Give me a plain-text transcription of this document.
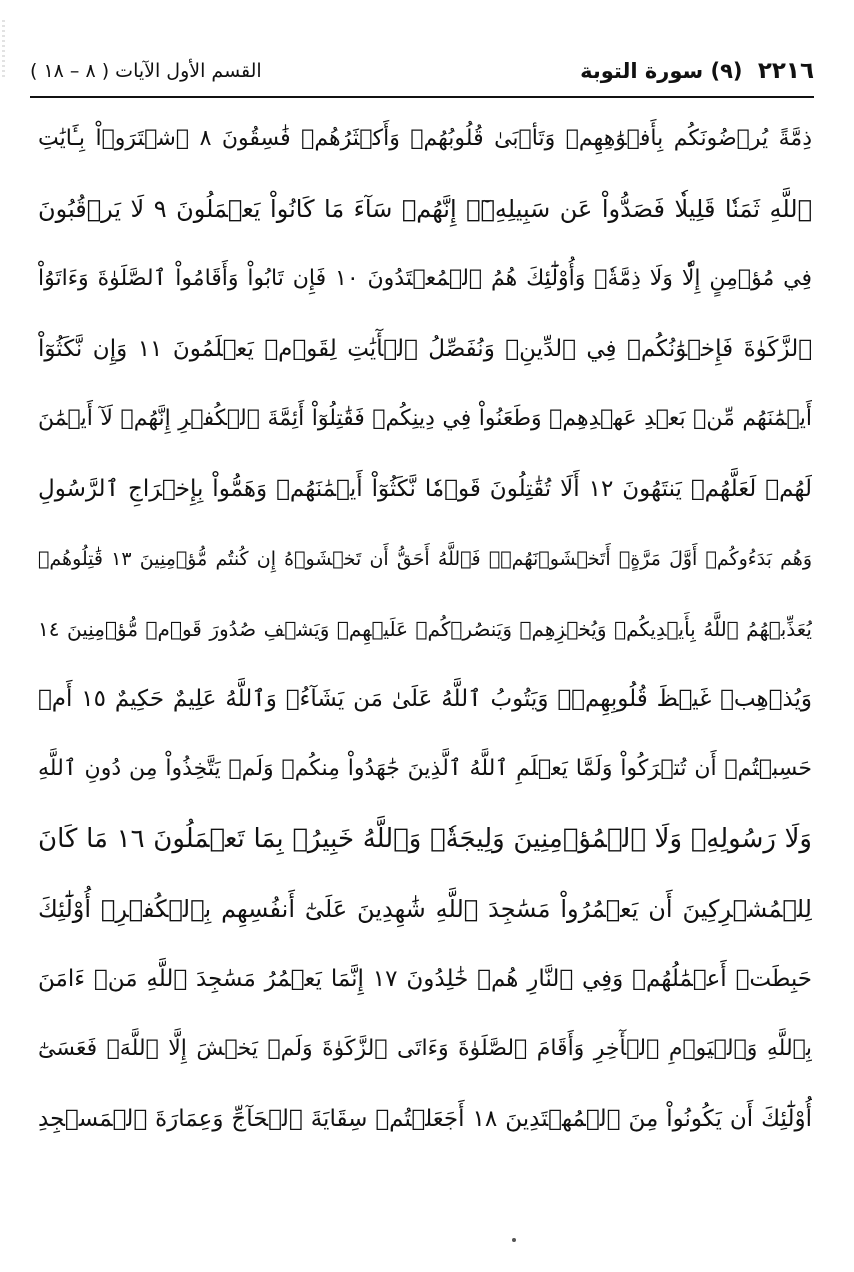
٢٢١٦ (٩) سورة التوبة
القسم الأول الآيات ( ٨ – ١٨ )
ذِمَّةً يُرۡضُونَكُم بِأَفۡوَٰهِهِمۡ وَتَأۡبَىٰ قُلُوبُهُمۡ وَأَكۡثَرُهُمۡ فَٰسِقُونَ ٨ ٱشۡتَرَوۡاْ بِـَٔايَٰتِ
ٱللَّهِ ثَمَنٗا قَلِيلٗا فَصَدُّواْ عَن سَبِيلِهِۦٓۚ إِنَّهُمۡ سَآءَ مَا كَانُواْ يَعۡمَلُونَ ٩ لَا يَرۡقُبُونَ
فِي مُؤۡمِنٍ إِلّٗا وَلَا ذِمَّةٗۚ وَأُوْلَٰٓئِكَ هُمُ ٱلۡمُعۡتَدُونَ ١٠ فَإِن تَابُواْ وَأَقَامُواْ ٱلصَّلَوٰةَ وَءَاتَوُاْ
ٱلزَّكَوٰةَ فَإِخۡوَٰنُكُمۡ فِي ٱلدِّينِۗ وَنُفَصِّلُ ٱلۡأٓيَٰتِ لِقَوۡمٖ يَعۡلَمُونَ ١١ وَإِن نَّكَثُوٓاْ
أَيۡمَٰنَهُم مِّنۢ بَعۡدِ عَهۡدِهِمۡ وَطَعَنُواْ فِي دِينِكُمۡ فَقَٰتِلُوٓاْ أَئِمَّةَ ٱلۡكُفۡرِ إِنَّهُمۡ لَآ أَيۡمَٰنَ
لَهُمۡ لَعَلَّهُمۡ يَنتَهُونَ ١٢ أَلَا تُقَٰتِلُونَ قَوۡمٗا نَّكَثُوٓاْ أَيۡمَٰنَهُمۡ وَهَمُّواْ بِإِخۡرَاجِ ٱلرَّسُولِ
وَهُم بَدَءُوكُمۡ أَوَّلَ مَرَّةٍۚ أَتَخۡشَوۡنَهُمۡۚ فَٱللَّهُ أَحَقُّ أَن تَخۡشَوۡهُ إِن كُنتُم مُّؤۡمِنِينَ ١٣ قَٰتِلُوهُمۡ
يُعَذِّبۡهُمُ ٱللَّهُ بِأَيۡدِيكُمۡ وَيُخۡزِهِمۡ وَيَنصُرۡكُمۡ عَلَيۡهِمۡ وَيَشۡفِ صُدُورَ قَوۡمٖ مُّؤۡمِنِينَ ١٤
وَيُذۡهِبۡ غَيۡظَ قُلُوبِهِمۡۗ وَيَتُوبُ ٱللَّهُ عَلَىٰ مَن يَشَآءُۗ وَٱللَّهُ عَلِيمٌ حَكِيمٌ ١٥ أَمۡ
حَسِبۡتُمۡ أَن تُتۡرَكُواْ وَلَمَّا يَعۡلَمِ ٱللَّهُ ٱلَّذِينَ جَٰهَدُواْ مِنكُمۡ وَلَمۡ يَتَّخِذُواْ مِن دُونِ ٱللَّهِ
وَلَا رَسُولِهِۦ وَلَا ٱلۡمُؤۡمِنِينَ وَلِيجَةٗۚ وَٱللَّهُ خَبِيرُۢ بِمَا تَعۡمَلُونَ ١٦ مَا كَانَ
لِلۡمُشۡرِكِينَ أَن يَعۡمُرُواْ مَسَٰجِدَ ٱللَّهِ شَٰهِدِينَ عَلَىٰٓ أَنفُسِهِم بِٱلۡكُفۡرِۚ أُوْلَٰٓئِكَ
حَبِطَتۡ أَعۡمَٰلُهُمۡ وَفِي ٱلنَّارِ هُمۡ خَٰلِدُونَ ١٧ إِنَّمَا يَعۡمُرُ مَسَٰجِدَ ٱللَّهِ مَنۡ ءَامَنَ
بِٱللَّهِ وَٱلۡيَوۡمِ ٱلۡأٓخِرِ وَأَقَامَ ٱلصَّلَوٰةَ وَءَاتَى ٱلزَّكَوٰةَ وَلَمۡ يَخۡشَ إِلَّا ٱللَّهَۖ فَعَسَىٰٓ
أُوْلَٰٓئِكَ أَن يَكُونُواْ مِنَ ٱلۡمُهۡتَدِينَ ١٨ أَجَعَلۡتُمۡ سِقَايَةَ ٱلۡحَآجِّ وَعِمَارَةَ ٱلۡمَسۡجِدِ
